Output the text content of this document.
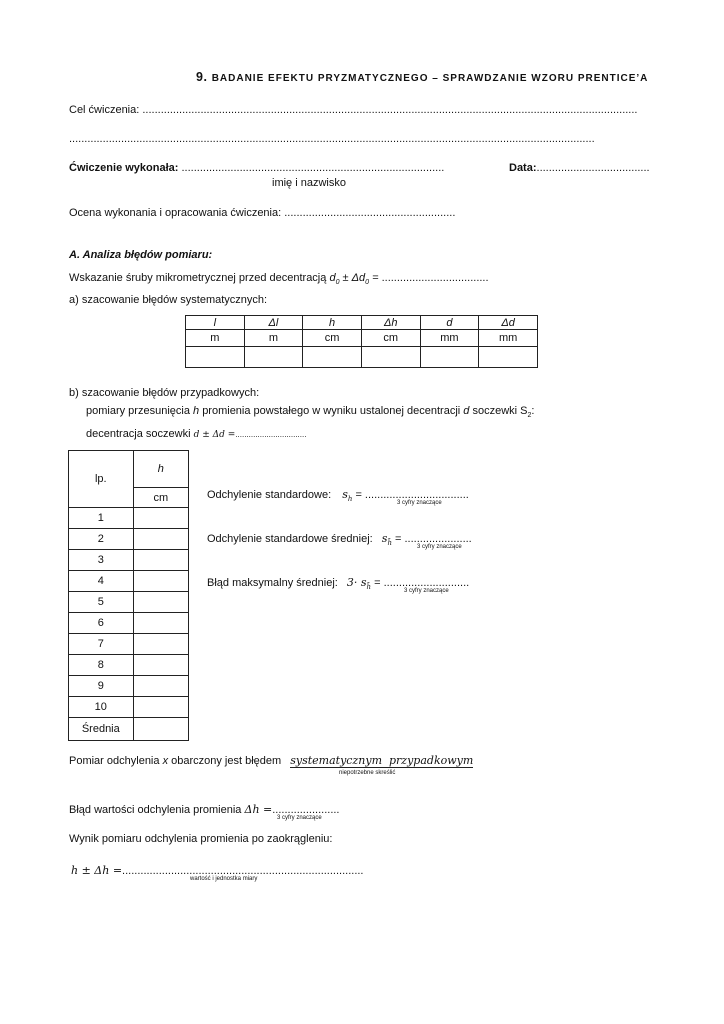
9. BADANIE EFEKTU PRYZMATYCZNEGO – SPRAWDZANIE WZORU PRENTICE’A
Cel ćwiczenia: ..................................................................................................................................................................
............................................................................................................................................................................
Ćwiczenie wykonała: ......................................................................................
imię i nazwisko
Data:.....................................
Ocena wykonania i opracowania ćwiczenia: ........................................................
A. Analiza błędów pomiaru:
Wskazanie śruby mikrometrycznej przed decentracją $d_0 \pm \Delta d_0$ = ...................................
a) szacowanie błędów systematycznych:
l	Δl	h	Δh	d	Δd
m	m	cm	cm	mm	mm

b) szacowanie błędów przypadkowych:
pomiary przesunięcia h promienia powstałego w wyniku ustalonej decentracji d soczewki $S_2$:
decentracja soczewki d ± Δd =................................
lp.	h
	cm
1	
2	
3	
4	
5	
6	
7	
8	
9	
10	
Średnia	
Odchylenie standardowe: $s_h$ = ..................................
3 cyfry znaczące
Odchylenie standardowe średniej: $s_{h̄}$ = ......................
3 cyfry znaczące
Błąd maksymalny średniej: $3\cdot s_{h̄}$ = ............................
3 cyfry znaczące
Pomiar odchylenia x obarczony jest błędem systematycznym  przypadkowym
niepotrzebne skreślić
Błąd wartości odchylenia promienia Δh =......................
3 cyfry znaczące
Wynik pomiaru odchylenia promienia po zaokrągleniu:
h ± Δh =...............................................................................
wartość i jednostka miary
